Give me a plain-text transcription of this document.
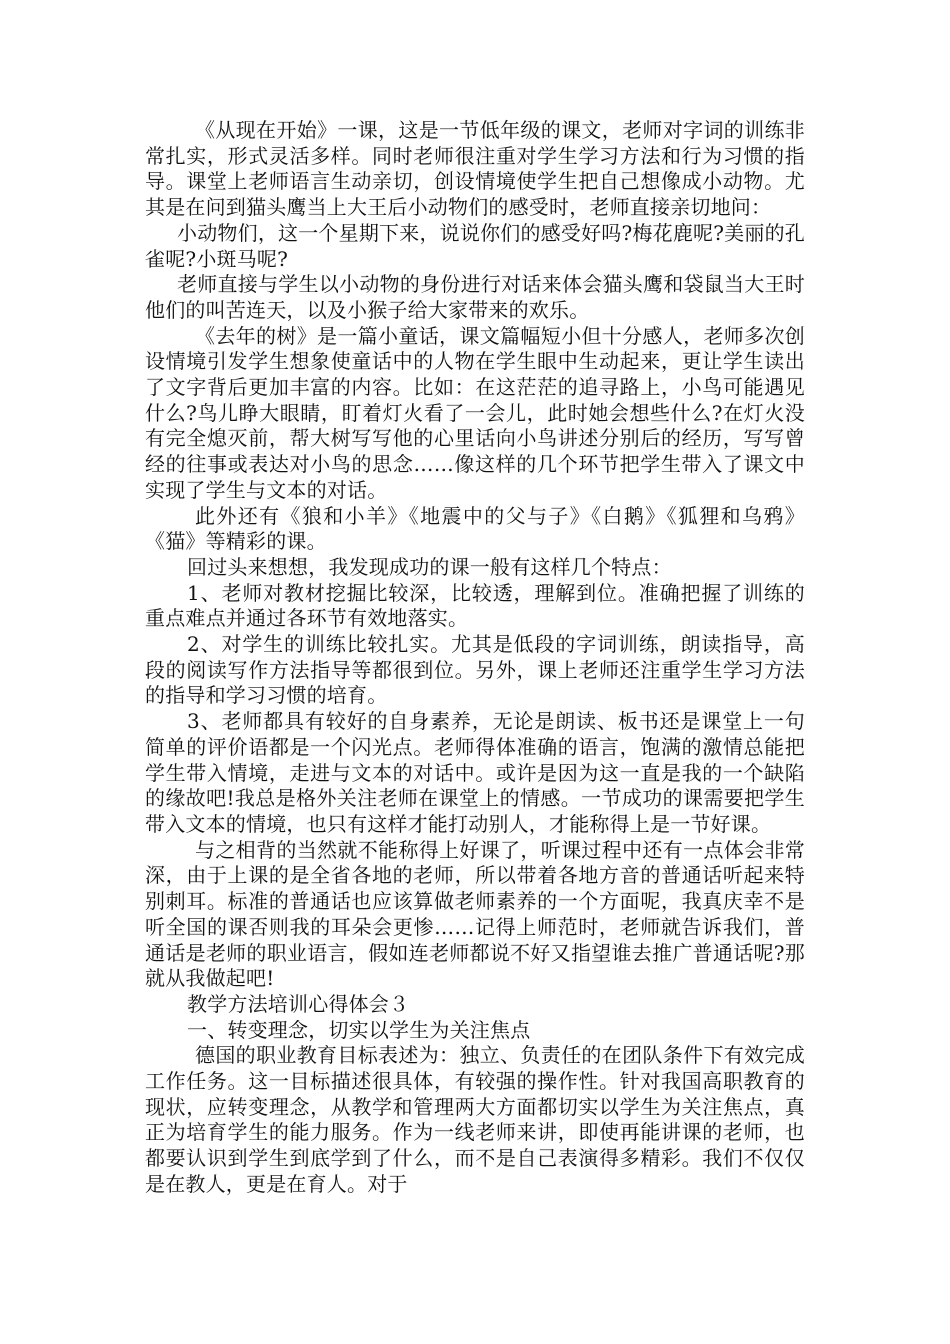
《从现在开始》一课，这是一节低年级的课文，老师对字词的训练非常扎实，形式灵活多样。同时老师很注重对学生学习方法和行为习惯的指导。课堂上老师语言生动亲切，创设情境使学生把自己想像成小动物。尤其是在问到猫头鹰当上大王后小动物们的感受时，老师直接亲切地问：

小动物们，这一个星期下来，说说你们的感受好吗?梅花鹿呢?美丽的孔雀呢?小斑马呢?

老师直接与学生以小动物的身份进行对话来体会猫头鹰和袋鼠当大王时他们的叫苦连天，以及小猴子给大家带来的欢乐。

《去年的树》是一篇小童话，课文篇幅短小但十分感人，老师多次创设情境引发学生想象使童话中的人物在学生眼中生动起来，更让学生读出了文字背后更加丰富的内容。比如：在这茫茫的追寻路上，小鸟可能遇见什么?鸟儿睁大眼睛，盯着灯火看了一会儿，此时她会想些什么?在灯火没有完全熄灭前，帮大树写写他的心里话向小鸟讲述分别后的经历，写写曾经的往事或表达对小鸟的思念……像这样的几个环节把学生带入了课文中实现了学生与文本的对话。

此外还有《狼和小羊》《地震中的父与子》《白鹅》《狐狸和乌鸦》《猫》等精彩的课。

回过头来想想，我发现成功的课一般有这样几个特点：

1、老师对教材挖掘比较深，比较透，理解到位。准确把握了训练的重点难点并通过各环节有效地落实。

2、对学生的训练比较扎实。尤其是低段的字词训练，朗读指导，高段的阅读写作方法指导等都很到位。另外，课上老师还注重学生学习方法的指导和学习习惯的培育。

3、老师都具有较好的自身素养，无论是朗读、板书还是课堂上一句简单的评价语都是一个闪光点。老师得体准确的语言，饱满的激情总能把学生带入情境，走进与文本的对话中。或许是因为这一直是我的一个缺陷的缘故吧!我总是格外关注老师在课堂上的情感。一节成功的课需要把学生带入文本的情境，也只有这样才能打动别人，才能称得上是一节好课。

与之相背的当然就不能称得上好课了，听课过程中还有一点体会非常深，由于上课的是全省各地的老师，所以带着各地方音的普通话听起来特别刺耳。标准的普通话也应该算做老师素养的一个方面呢，我真庆幸不是听全国的课否则我的耳朵会更惨……记得上师范时，老师就告诉我们，普通话是老师的职业语言，假如连老师都说不好又指望谁去推广普通话呢?那就从我做起吧!

教学方法培训心得体会３

一、转变理念，切实以学生为关注焦点

德国的职业教育目标表述为：独立、负责任的在团队条件下有效完成工作任务。这一目标描述很具体，有较强的操作性。针对我国高职教育的现状，应转变理念，从教学和管理两大方面都切实以学生为关注焦点，真正为培育学生的能力服务。作为一线老师来讲，即使再能讲课的老师，也都要认识到学生到底学到了什么，而不是自己表演得多精彩。我们不仅仅是在教人，更是在育人。对于
